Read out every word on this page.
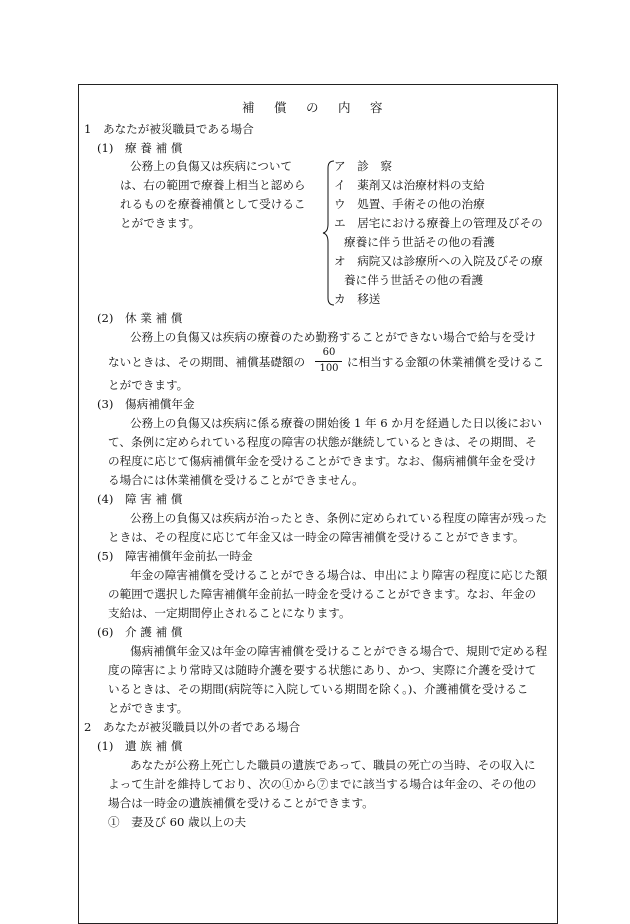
補 償 の 内 容
1　あなたが被災職員である場合
(1)　療 養 補 償
公務上の負傷又は疾病について
は、右の範囲で療養上相当と認めら
れるものを療養補償として受けるこ
とができます。
ア　診　察
イ　薬剤又は治療材料の支給
ウ　処置、手術その他の治療
エ　居宅における療養上の管理及びその
療養に伴う世話その他の看護
オ　病院又は診療所への入院及びその療
養に伴う世話その他の看護
カ　移送
(2)　休 業 補 償
公務上の負傷又は疾病の療養のため勤務することができない場合で給与を受け
ないときは、その期間、補償基礎額の
60
100 に相当する金額の休業補償を受けるこ
とができます。
(3)　傷病補償年金
公務上の負傷又は疾病に係る療養の開始後 1 年 6 か月を経過した日以後におい
て、条例に定められている程度の障害の状態が継続しているときは、その期間、そ
の程度に応じて傷病補償年金を受けることができます。なお、傷病補償年金を受け
る場合には休業補償を受けることができません。
(4)　障 害 補 償
公務上の負傷又は疾病が治ったとき、条例に定められている程度の障害が残った
ときは、その程度に応じて年金又は一時金の障害補償を受けることができます。
(5)　障害補償年金前払一時金
年金の障害補償を受けることができる場合は、申出により障害の程度に応じた額
の範囲で選択した障害補償年金前払一時金を受けることができます。なお、年金の
支給は、一定期間停止されることになります。
(6)　介 護 補 償
傷病補償年金又は年金の障害補償を受けることができる場合で、規則で定める程
度の障害により常時又は随時介護を要する状態にあり、かつ、実際に介護を受けて
いるときは、その期間(病院等に入院している期間を除く。)、介護補償を受けるこ
とができます。
2　あなたが被災職員以外の者である場合
(1)　遺 族 補 償
あなたが公務上死亡した職員の遺族であって、職員の死亡の当時、その収入に
よって生計を維持しており、次の①から⑦までに該当する場合は年金の、その他の
場合は一時金の遺族補償を受けることができます。
①　妻及び 60 歳以上の夫
